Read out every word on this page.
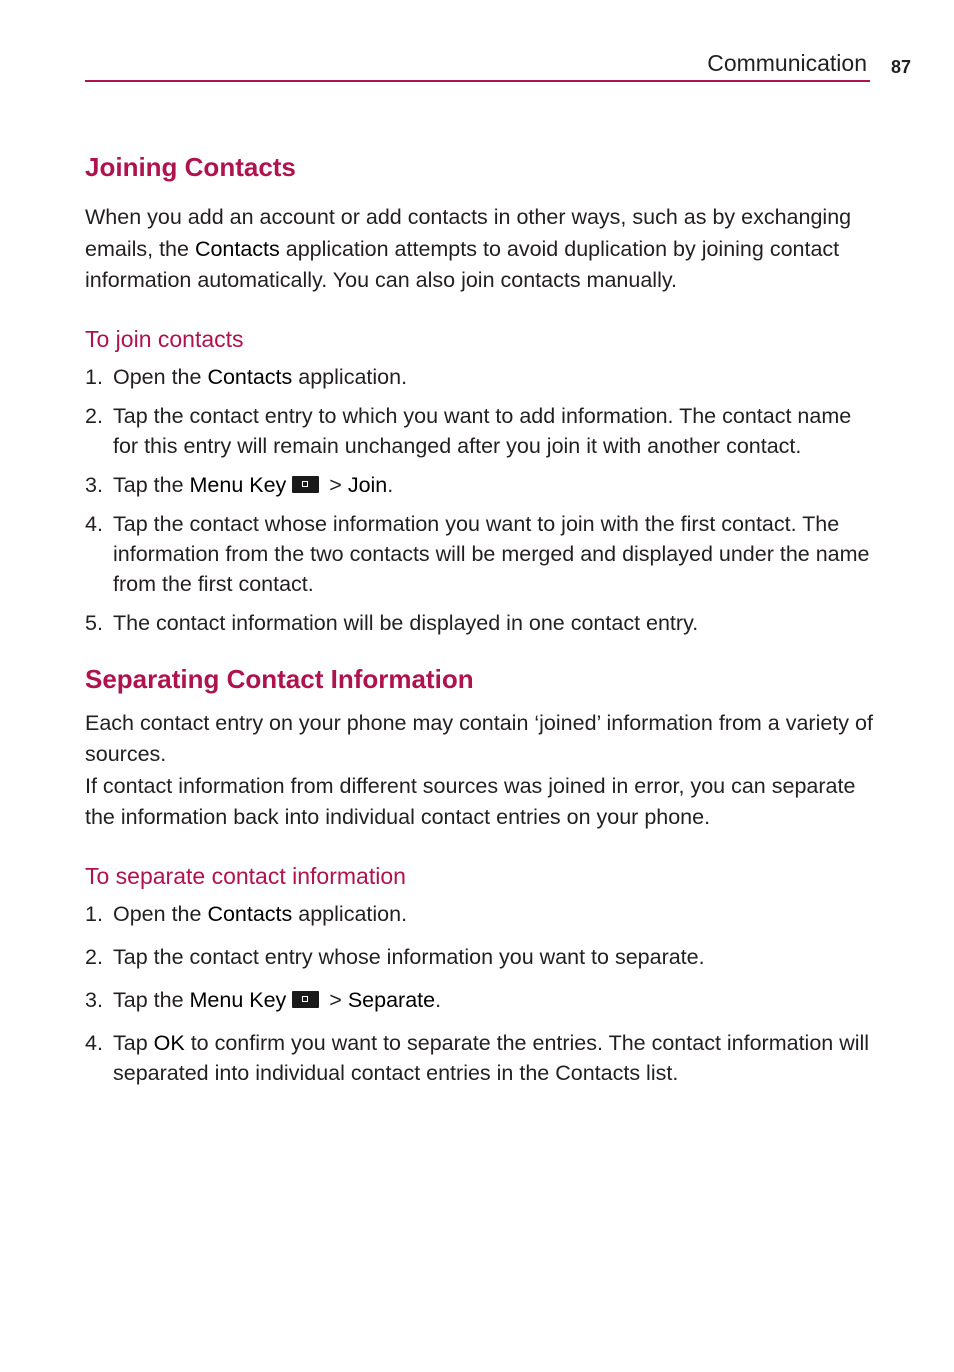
Communication 87
Joining Contacts

When you add an account or add contacts in other ways, such as by exchanging emails, the Contacts application attempts to avoid duplication by joining contact information automatically. You can also join contacts manually.

To join contacts
1. Open the Contacts application.
2. Tap the contact entry to which you want to add information. The contact name for this entry will remain unchanged after you join it with another contact.
3. Tap the Menu Key > Join.
4. Tap the contact whose information you want to join with the first contact. The information from the two contacts will be merged and displayed under the name from the first contact.
5. The contact information will be displayed in one contact entry.
Separating Contact Information

Each contact entry on your phone may contain ‘joined’ information from a variety of sources.

If contact information from different sources was joined in error, you can separate the information back into individual contact entries on your phone.

To separate contact information
1. Open the Contacts application.
2. Tap the contact entry whose information you want to separate.
3. Tap the Menu Key > Separate.
4. Tap OK to confirm you want to separate the entries. The contact information will separated into individual contact entries in the Contacts list.
